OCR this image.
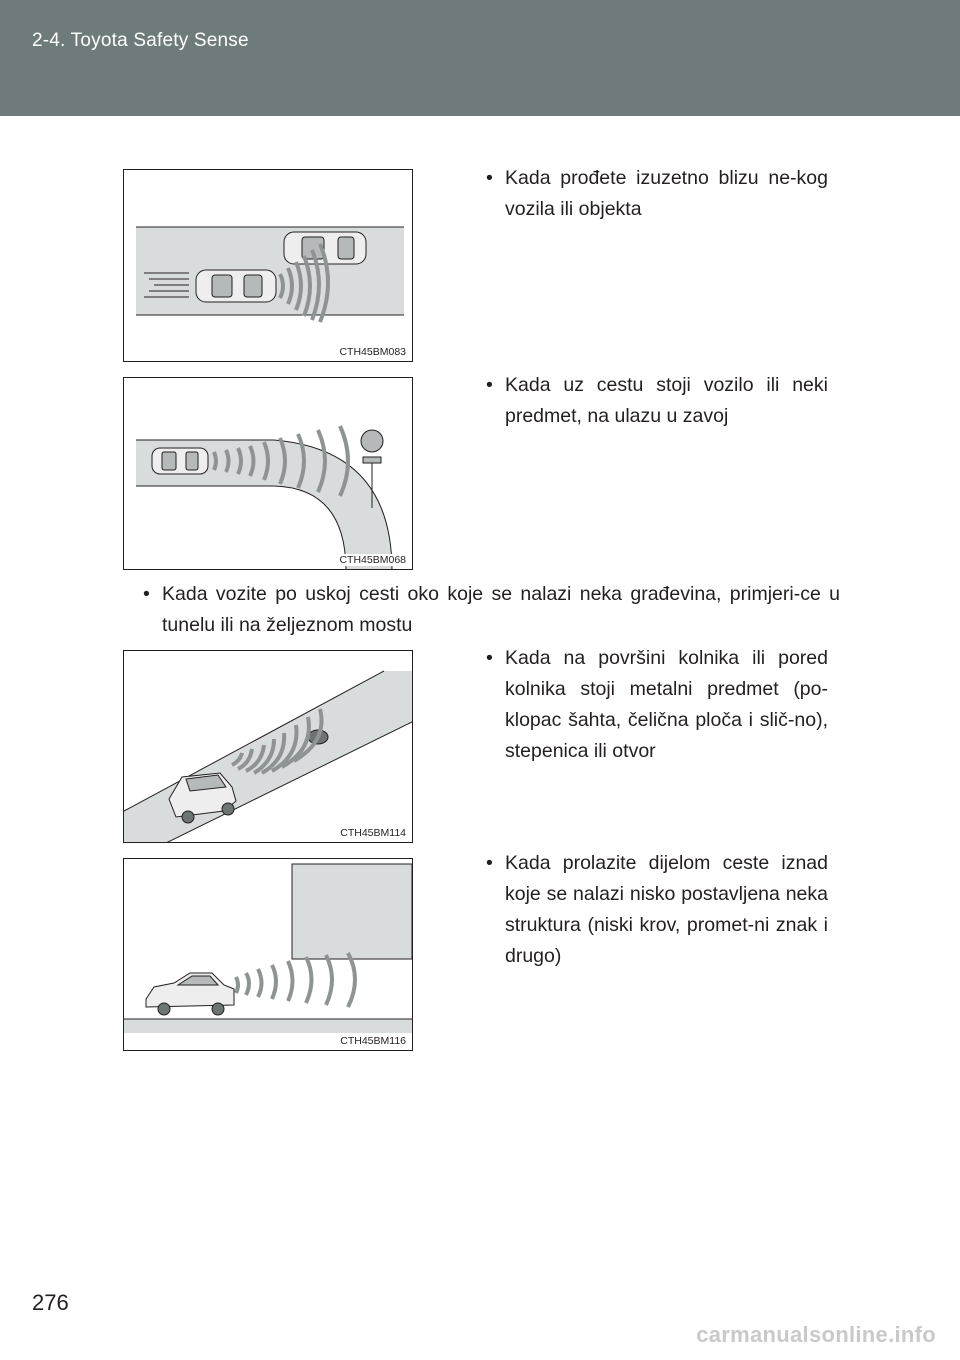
2-4. Toyota Safety Sense
CTH45BM083
• Kada prođete izuzetno blizu ne-kog vozila ili objekta
CTH45BM068
• Kada uz cestu stoji vozilo ili neki predmet, na ulazu u zavoj
• Kada vozite po uskoj cesti oko koje se nalazi neka građevina, primjeri-ce u tunelu ili na željeznom mostu
CTH45BM114
• Kada na površini kolnika ili pored kolnika stoji metalni predmet (po-klopac šahta, čelična ploča i slič-no), stepenica ili otvor
CTH45BM116
• Kada prolazite dijelom ceste iznad koje se nalazi nisko postavljena neka struktura (niski krov, promet-ni znak i drugo)
276
carmanualsonline.info
